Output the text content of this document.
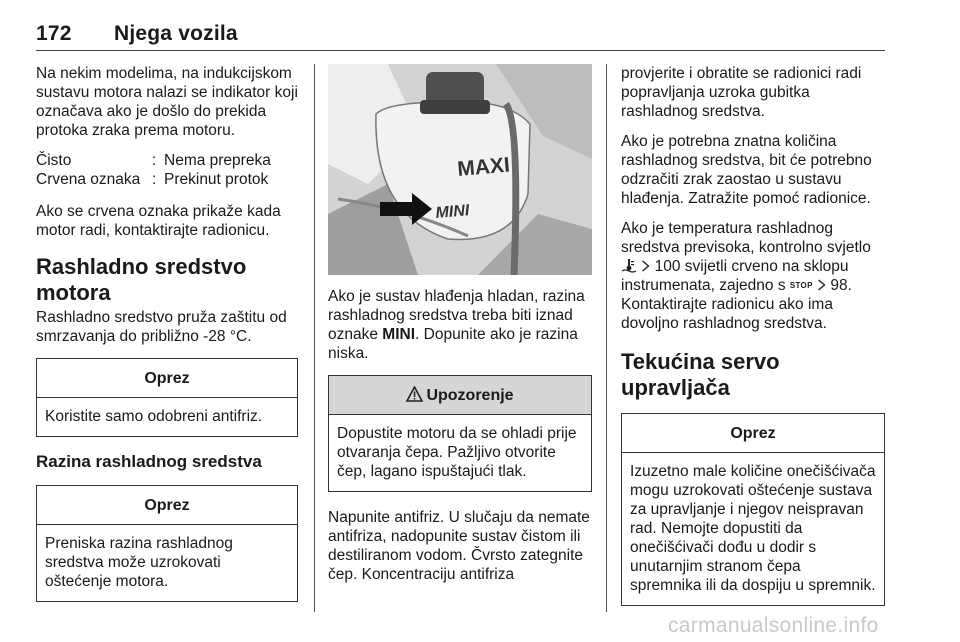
172 Njega vozila

Na nekim modelima, na indukcijskom sustavu motora nalazi se indikator koji označava ako je došlo do prekida protoka zraka prema motoru.

Čisto	: Nema prepreka
Crvena oznaka : Prekinut protok

Ako se crvena oznaka prikaže kada motor radi, kontaktirajte radionicu.

Rashladno sredstvo motora

Rashladno sredstvo pruža zaštitu od smrzavanja do približno -28 °C.

Oprez
Koristite samo odobreni antifriz.
Razina rashladnog sredstva
Oprez
Preniska razina rashladnog sredstva može uzrokovati oštećenje motora.
MAXI
MINI

Ako je sustav hlađenja hladan, razina rashladnog sredstva treba biti iznad oznake MINI. Dopunite ako je razina niska.

Upozorenje
Dopustite motoru da se ohladi prije otvaranja čepa. Pažljivo otvorite čep, lagano ispuštajući tlak.

Napunite antifriz. U slučaju da nemate antifriza, nadopunite sustav čistom ili destiliranom vodom. Čvrsto zategnite čep. Koncentraciju antifriza

provjerite i obratite se radionici radi popravljanja uzroka gubitka rashladnog sredstva.

Ako je potrebna znatna količina rashladnog sredstva, bit će potrebno odzračiti zrak zaostao u sustavu hlađenja. Zatražite pomoć radionice.

Ako je temperatura rashladnog sredstva previsoka, kontrolno svjetlo   100 svijetli crveno na sklopu instrumenata, zajedno s STOP 98. Kontaktirajte radionicu ako ima dovoljno rashladnog sredstva.

Tekućina servo upravljača
Oprez
Izuzetno male količine onečišćivača mogu uzrokovati oštećenje sustava za upravljanje i njegov neispravan rad. Nemojte dopustiti da onečišćivači dođu u dodir s unutarnjim stranom čepa spremnika ili da dospiju u spremnik.
carmanualsonline.info
